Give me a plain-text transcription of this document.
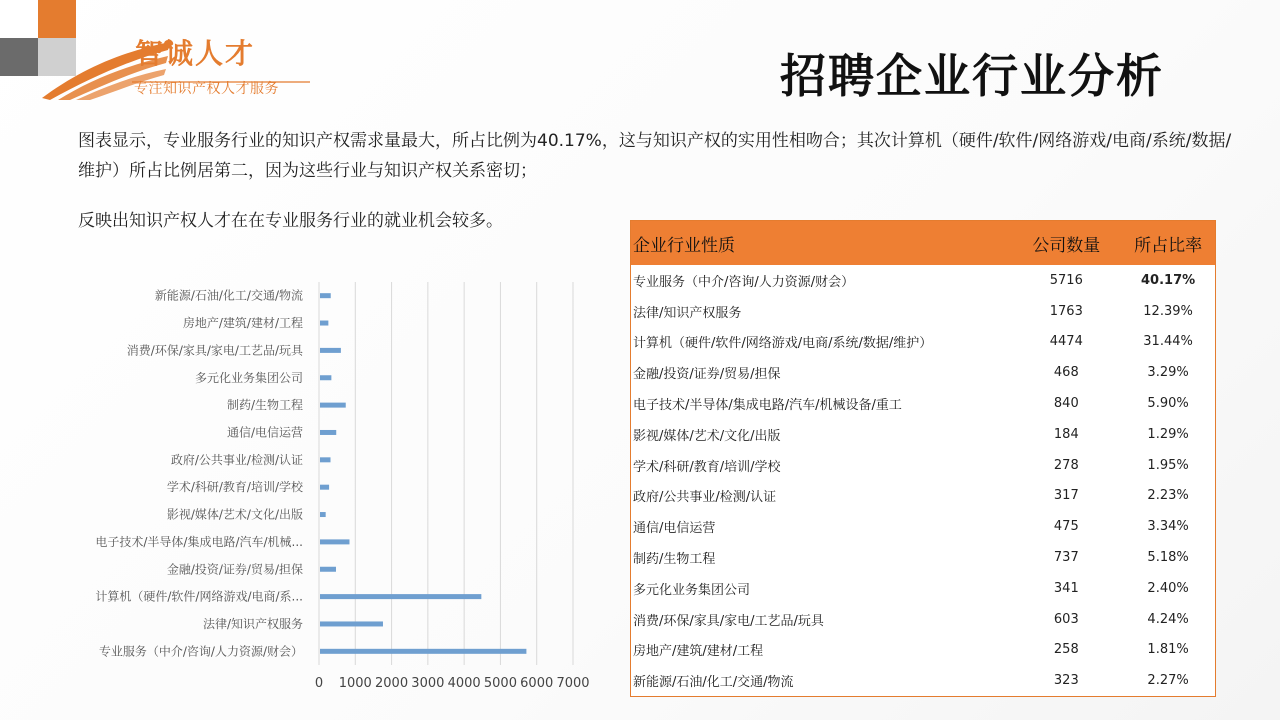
智诚人才
专注知识产权人才服务	招聘企业行业分析
图表显示，专业服务行业的知识产权需求量最大，所占比例为40.17%，这与知识产权的实用性相吻合；其次计算机（硬件/软件/网络游戏/电商/系统/数据/维护）所占比例居第二，因为这些行业与知识产权关系密切；
反映出知识产权人才在在专业服务行业的就业机会较多。
0 1000 2000 3000 4000 5000 6000 7000
专业服务（中介/咨询/人力资源/财会）
法律/知识产权服务
计算机（硬件/软件/网络游戏/电商/系...
金融/投资/证券/贸易/担保
电子技术/半导体/集成电路/汽车/机械...
影视/媒体/艺术/文化/出版
学术/科研/教育/培训/学校
政府/公共事业/检测/认证
通信/电信运营
制药/生物工程
多元化业务集团公司
消费/环保/家具/家电/工艺品/玩具
房地产/建筑/建材/工程
新能源/石油/化工/交通/物流
企业行业性质	公司数量	所占比率
专业服务（中介/咨询/人力资源/财会）	5716	40.17%
法律/知识产权服务	1763	12.39%
计算机（硬件/软件/网络游戏/电商/系统/数据/维护）	4474	31.44%
金融/投资/证券/贸易/担保	468	3.29%
电子技术/半导体/集成电路/汽车/机械设备/重工	840	5.90%
影视/媒体/艺术/文化/出版	184	1.29%
学术/科研/教育/培训/学校	278	1.95%
政府/公共事业/检测/认证	317	2.23%
通信/电信运营	475	3.34%
制药/生物工程	737	5.18%
多元化业务集团公司	341	2.40%
消费/环保/家具/家电/工艺品/玩具	603	4.24%
房地产/建筑/建材/工程	258	1.81%
新能源/石油/化工/交通/物流	323	2.27%
